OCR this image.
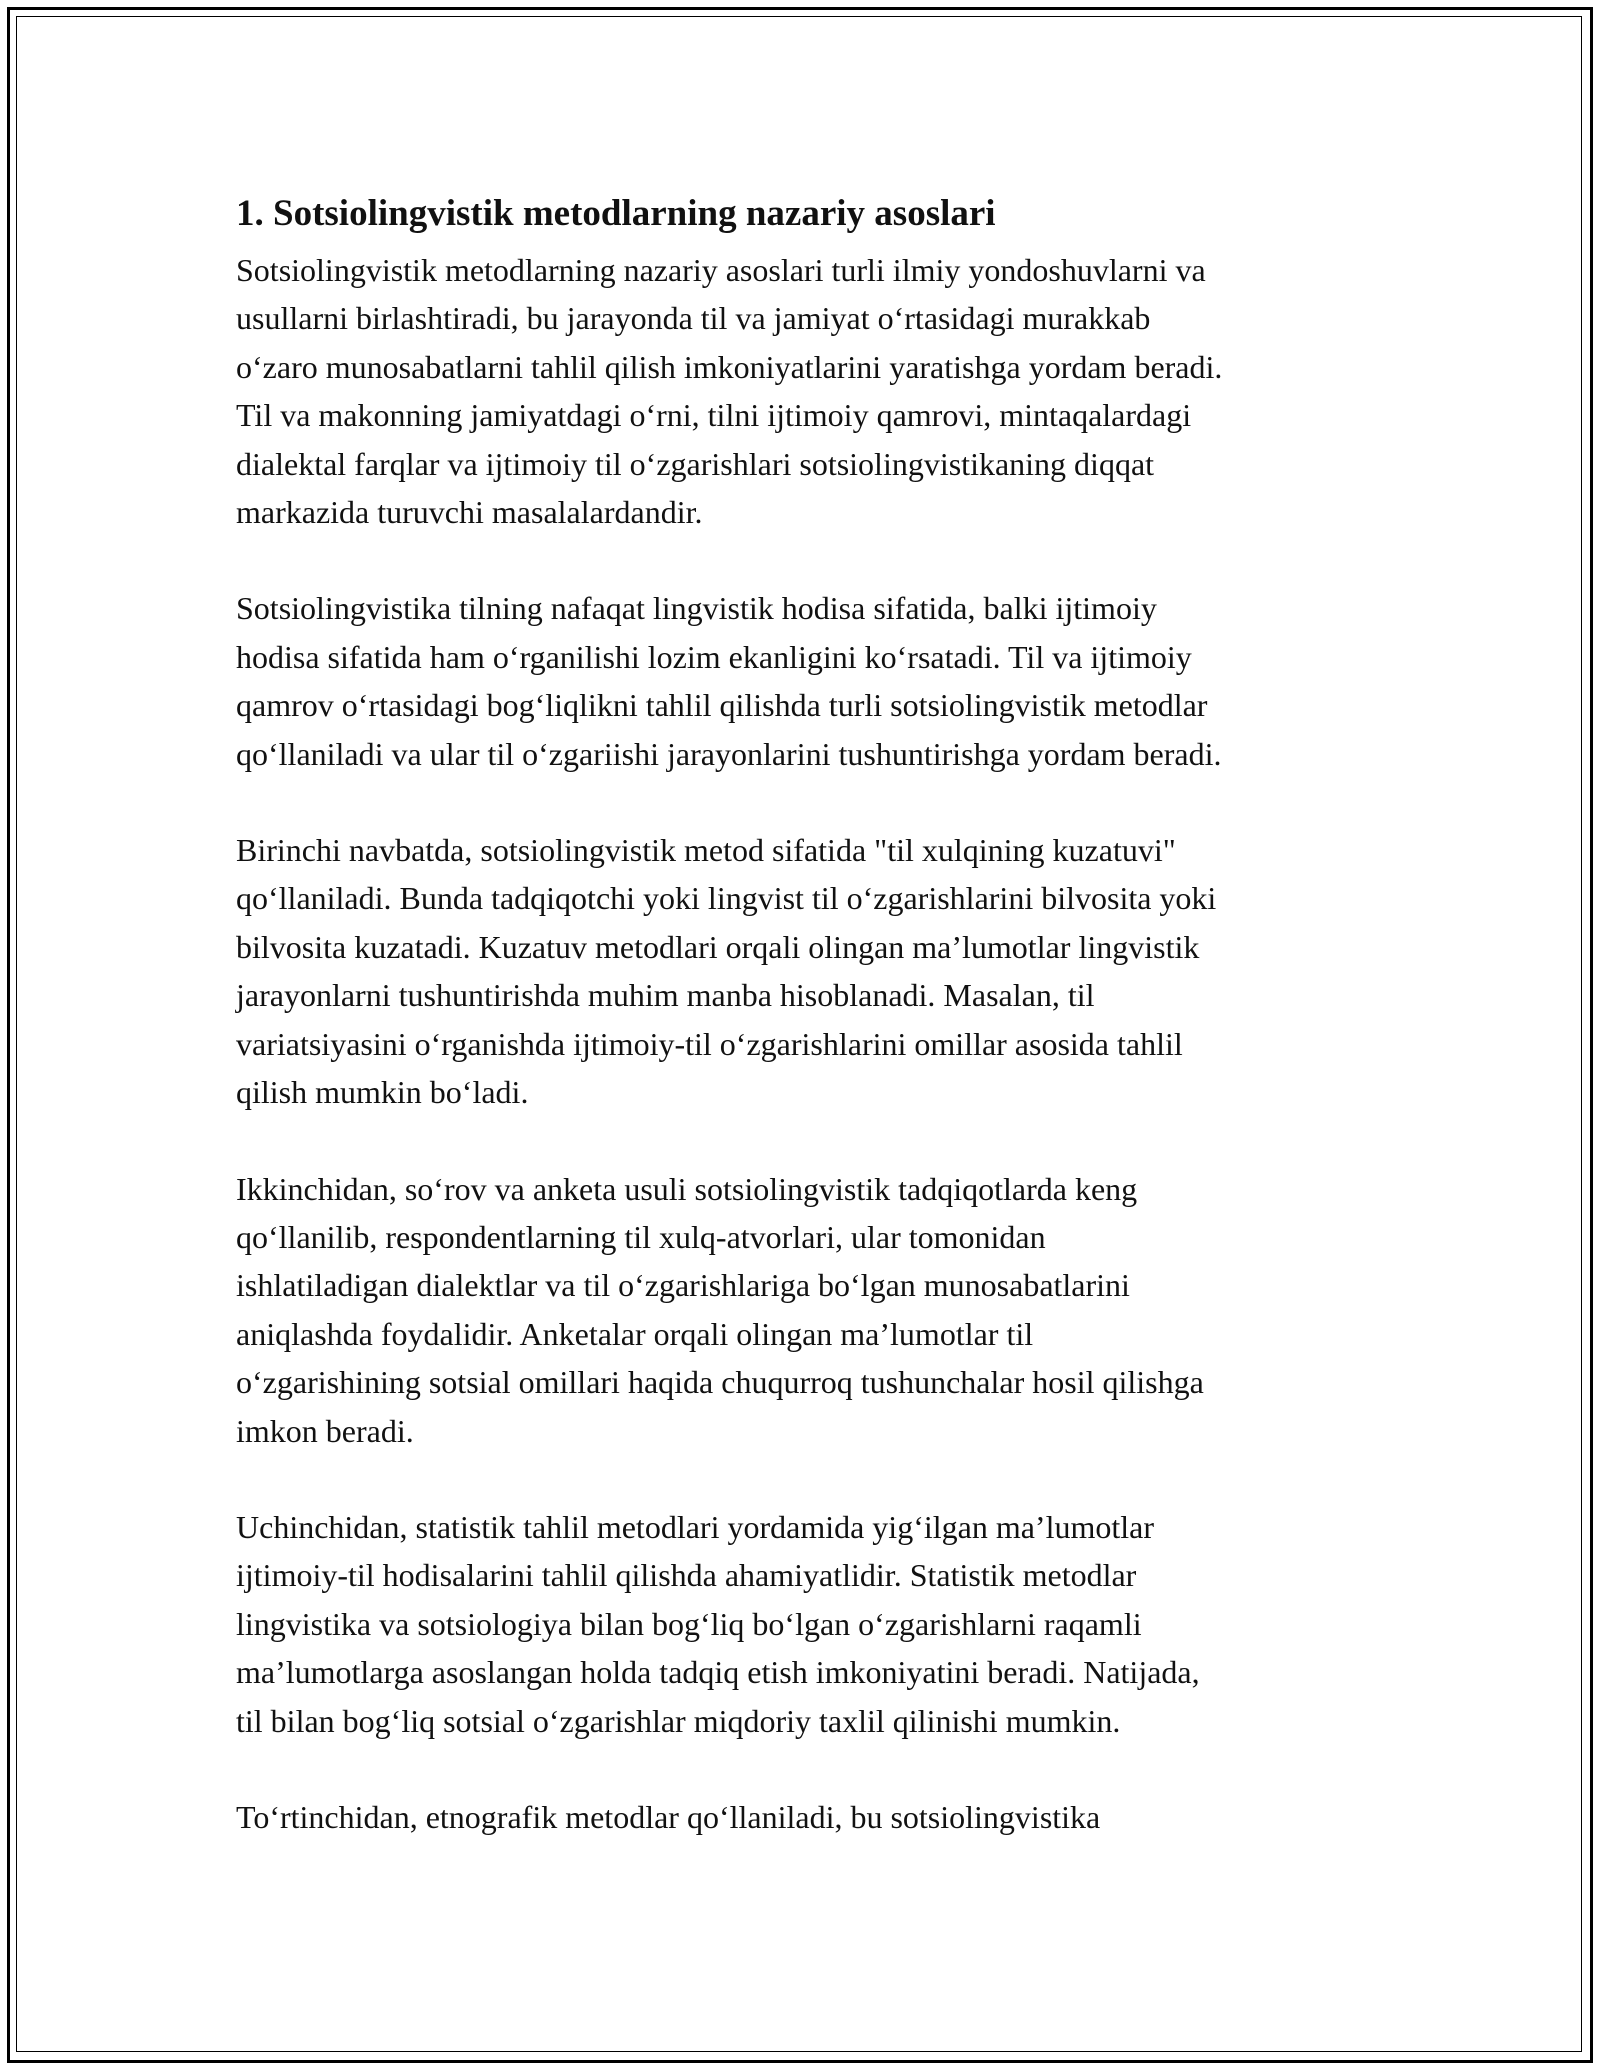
1. Sotsiolingvistik metodlarning nazariy asoslari

Sotsiolingvistik metodlarning nazariy asoslari turli ilmiy yondoshuvlarni va
usullarni birlashtiradi, bu jarayonda til va jamiyat oʻrtasidagi murakkab
oʻzaro munosabatlarni tahlil qilish imkoniyatlarini yaratishga yordam beradi.
Til va makonning jamiyatdagi oʻrni, tilni ijtimoiy qamrovi, mintaqalardagi
dialektal farqlar va ijtimoiy til oʻzgarishlari sotsiolingvistikaning diqqat
markazida turuvchi masalalardandir.

Sotsiolingvistika tilning nafaqat lingvistik hodisa sifatida, balki ijtimoiy
hodisa sifatida ham oʻrganilishi lozim ekanligini koʻrsatadi. Til va ijtimoiy
qamrov oʻrtasidagi bogʻliqlikni tahlil qilishda turli sotsiolingvistik metodlar
qoʻllaniladi va ular til oʻzgariishi jarayonlarini tushuntirishga yordam beradi.

Birinchi navbatda, sotsiolingvistik metod sifatida "til xulqining kuzatuvi"
qoʻllaniladi. Bunda tadqiqotchi yoki lingvist til oʻzgarishlarini bilvosita yoki
bilvosita kuzatadi. Kuzatuv metodlari orqali olingan maʼlumotlar lingvistik
jarayonlarni tushuntirishda muhim manba hisoblanadi. Masalan, til
variatsiyasini oʻrganishda ijtimoiy-til oʻzgarishlarini omillar asosida tahlil
qilish mumkin boʻladi.

Ikkinchidan, soʻrov va anketa usuli sotsiolingvistik tadqiqotlarda keng
qoʻllanilib, respondentlarning til xulq-atvorlari, ular tomonidan
ishlatiladigan dialektlar va til oʻzgarishlariga boʻlgan munosabatlarini
aniqlashda foydalidir. Anketalar orqali olingan maʼlumotlar til
oʻzgarishining sotsial omillari haqida chuqurroq tushunchalar hosil qilishga
imkon beradi.

Uchinchidan, statistik tahlil metodlari yordamida yigʻilgan maʼlumotlar
ijtimoiy-til hodisalarini tahlil qilishda ahamiyatlidir. Statistik metodlar
lingvistika va sotsiologiya bilan bogʻliq boʻlgan oʻzgarishlarni raqamli
maʼlumotlarga asoslangan holda tadqiq etish imkoniyatini beradi. Natijada,
til bilan bogʻliq sotsial oʻzgarishlar miqdoriy taxlil qilinishi mumkin.

Toʻrtinchidan, etnografik metodlar qoʻllaniladi, bu sotsiolingvistika
